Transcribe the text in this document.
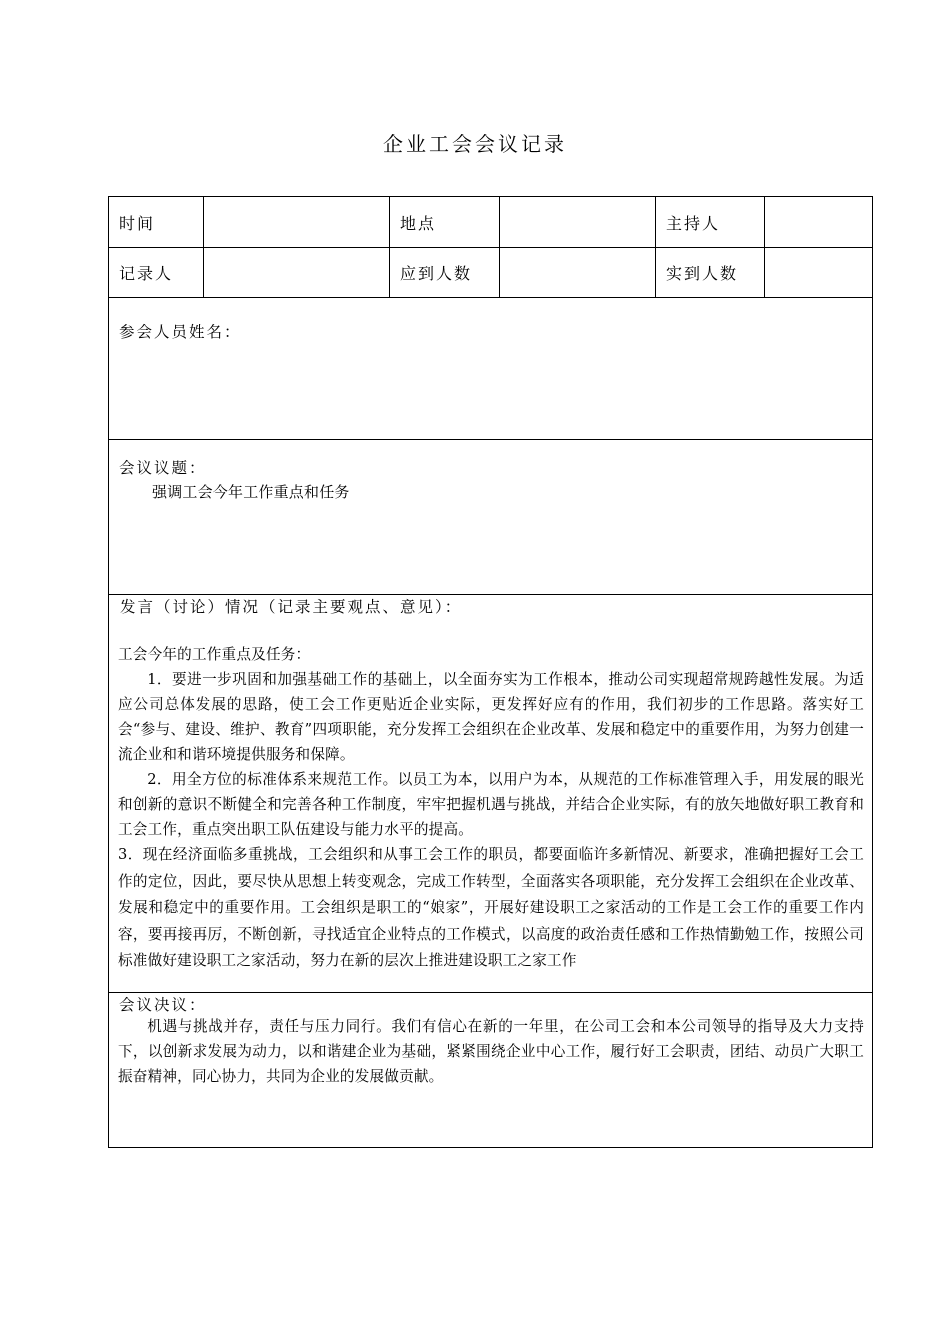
企业工会会议记录
时间	地点	主持人
记录人	应到人数	实到人数
参会人员姓名：
会议议题：
强调工会今年工作重点和任务
发言（讨论）情况（记录主要观点、意见）：

工会今年的工作重点及任务：

1．要进一步巩固和加强基础工作的基础上，以全面夯实为工作根本，推动公司实现超常规跨越性发展。为适应公司总体发展的思路，使工会工作更贴近企业实际，更发挥好应有的作用，我们初步的工作思路。落实好工会“参与、建设、维护、教育”四项职能，充分发挥工会组织在企业改革、发展和稳定中的重要作用，为努力创建一流企业和和谐环境提供服务和保障。

2．用全方位的标准体系来规范工作。以员工为本，以用户为本，从规范的工作标准管理入手，用发展的眼光和创新的意识不断健全和完善各种工作制度，牢牢把握机遇与挑战，并结合企业实际，有的放矢地做好职工教育和工会工作，重点突出职工队伍建设与能力水平的提高。

3．现在经济面临多重挑战，工会组织和从事工会工作的职员，都要面临许多新情况、新要求，准确把握好工会工作的定位，因此，要尽快从思想上转变观念，完成工作转型，全面落实各项职能，充分发挥工会组织在企业改革、发展和稳定中的重要作用。工会组织是职工的“娘家”，开展好建设职工之家活动的工作是工会工作的重要工作内容，要再接再厉，不断创新，寻找适宜企业特点的工作模式，以高度的政治责任感和工作热情勤勉工作，按照公司标准做好建设职工之家活动，努力在新的层次上推进建设职工之家工作

会议决议：
机遇与挑战并存，责任与压力同行。我们有信心在新的一年里，在公司工会和本公司领导的指导及大力支持下，以创新求发展为动力，以和谐建企业为基础，紧紧围绕企业中心工作，履行好工会职责，团结、动员广大职工振奋精神，同心协力，共同为企业的发展做贡献。
